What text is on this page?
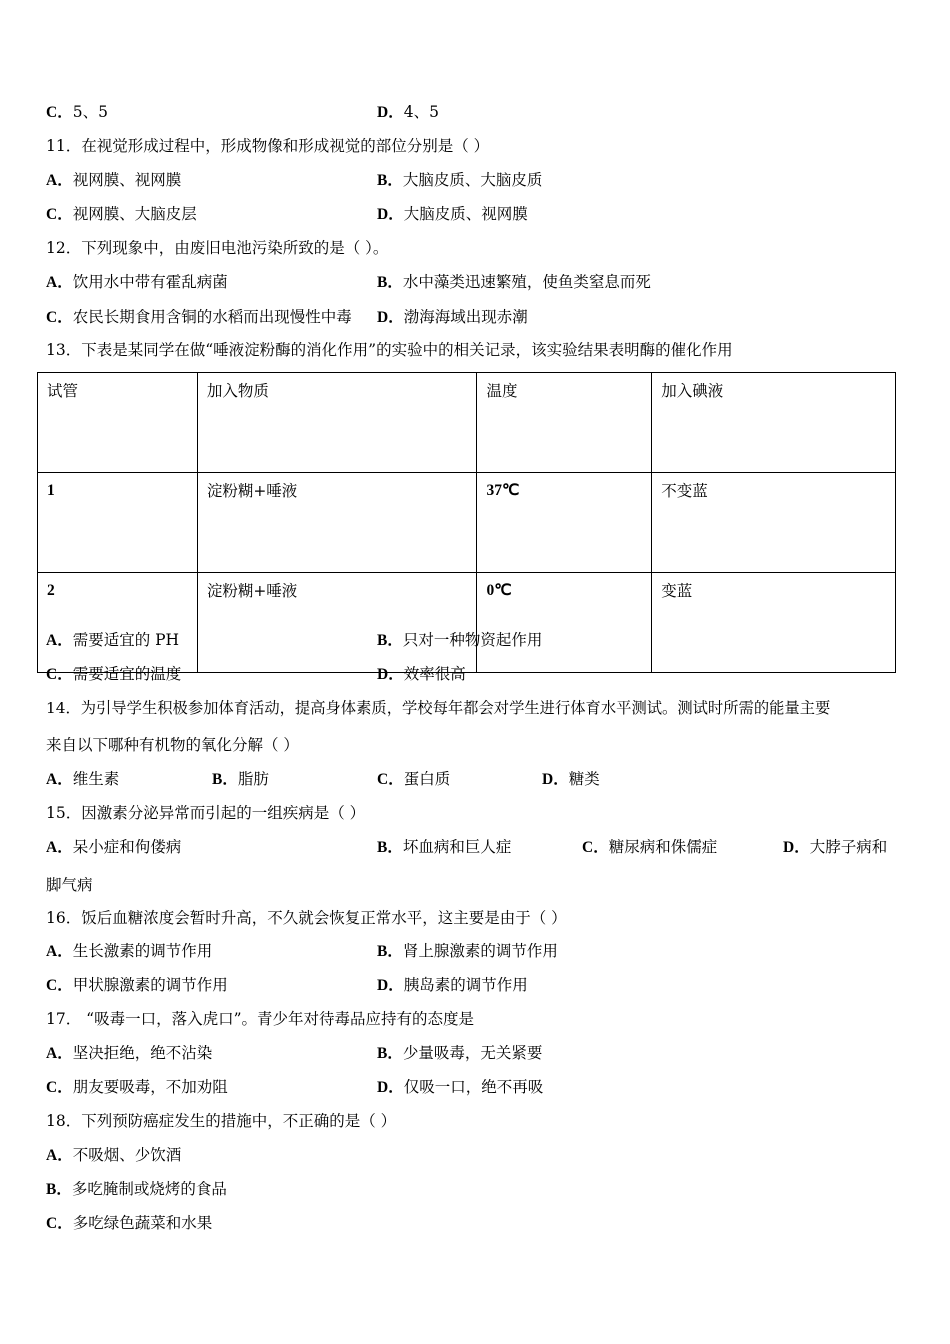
C．5、5	D．4、5
11．在视觉形成过程中，形成物像和形成视觉的部位分别是（ ）
A．视网膜、视网膜	B．大脑皮质、大脑皮质
C．视网膜、大脑皮层	D．大脑皮质、视网膜
12．下列现象中，由废旧电池污染所致的是（ ）。
A．饮用水中带有霍乱病菌	B．水中藻类迅速繁殖，使鱼类窒息而死
C．农民长期食用含铜的水稻而出现慢性中毒 D．渤海海域出现赤潮
13．下表是某同学在做“唾液淀粉酶的消化作用”的实验中的相关记录，该实验结果表明酶的催化作用
试管	加入物质	温度	加入碘液
1	淀粉糊+唾液	37℃	不变蓝
2	淀粉糊+唾液	0℃	变蓝
A．需要适宜的 PH	B．只对一种物资起作用
C．需要适宜的温度	D．效率很高
14．为引导学生积极参加体育活动，提高身体素质，学校每年都会对学生进行体育水平测试。测试时所需的能量主要
来自以下哪种有机物的氧化分解（ ）
A．维生素	B．脂肪	C．蛋白质	D．糖类
15．因激素分泌异常而引起的一组疾病是（ ）
A．呆小症和佝偻病	B．坏血病和巨人症	C．糖尿病和侏儒症	D．大脖子病和
脚气病
16．饭后血糖浓度会暂时升高，不久就会恢复正常水平，这主要是由于（ ）
A．生长激素的调节作用	B．肾上腺激素的调节作用
C．甲状腺激素的调节作用	D．胰岛素的调节作用
17． “吸毒一口，落入虎口”。青少年对待毒品应持有的态度是
A．坚决拒绝，绝不沾染	B．少量吸毒，无关紧要
C．朋友要吸毒，不加劝阻	D．仅吸一口，绝不再吸
18．下列预防癌症发生的措施中，不正确的是（ ）
A．不吸烟、少饮酒
B．多吃腌制或烧烤的食品
C．多吃绿色蔬菜和水果
